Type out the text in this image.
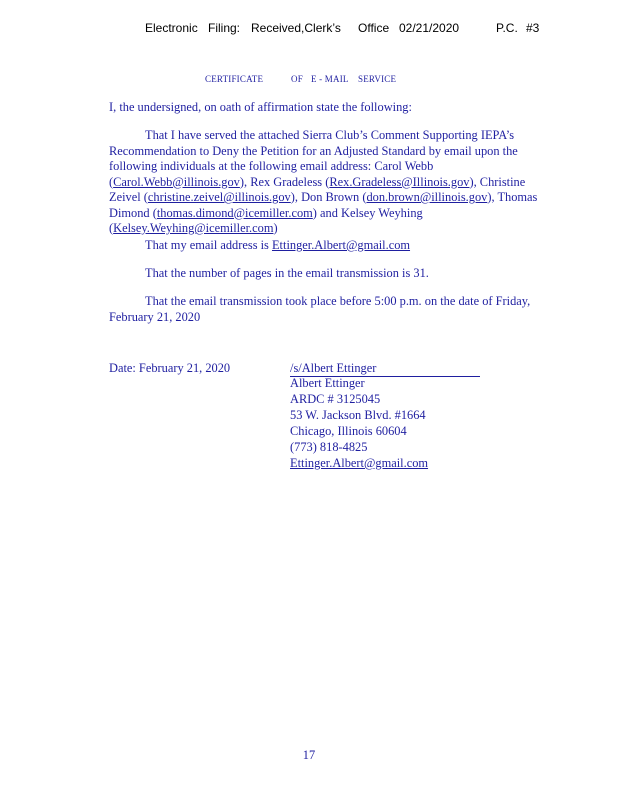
Electronic Filing: Received,Clerk’s Office 02/21/2020	P.C. #3
CERTIFICATE	OF E - MAIL SERVICE
I, the undersigned, on oath of affirmation state the following:
That I have served the attached Sierra Club’s Comment Supporting IEPA’s Recommendation to Deny the Petition for an Adjusted Standard by email upon the following individuals at the following email address: Carol Webb (Carol.Webb@illinois.gov), Rex Gradeless (Rex.Gradeless@Illinois.gov), Christine Zeivel (christine.zeivel@illinois.gov), Don Brown (don.brown@illinois.gov), Thomas Dimond (thomas.dimond@icemiller.com) and Kelsey Weyhing (Kelsey.Weyhing@icemiller.com)
That my email address is Ettinger.Albert@gmail.com
That the number of pages in the email transmission is 31.
That the email transmission took place before 5:00 p.m. on the date of Friday, February 21, 2020
Date: February 21, 2020	/s/Albert Ettinger
Albert Ettinger
ARDC # 3125045
53 W. Jackson Blvd. #1664
Chicago, Illinois 60604
(773) 818-4825
Ettinger.Albert@gmail.com
17
